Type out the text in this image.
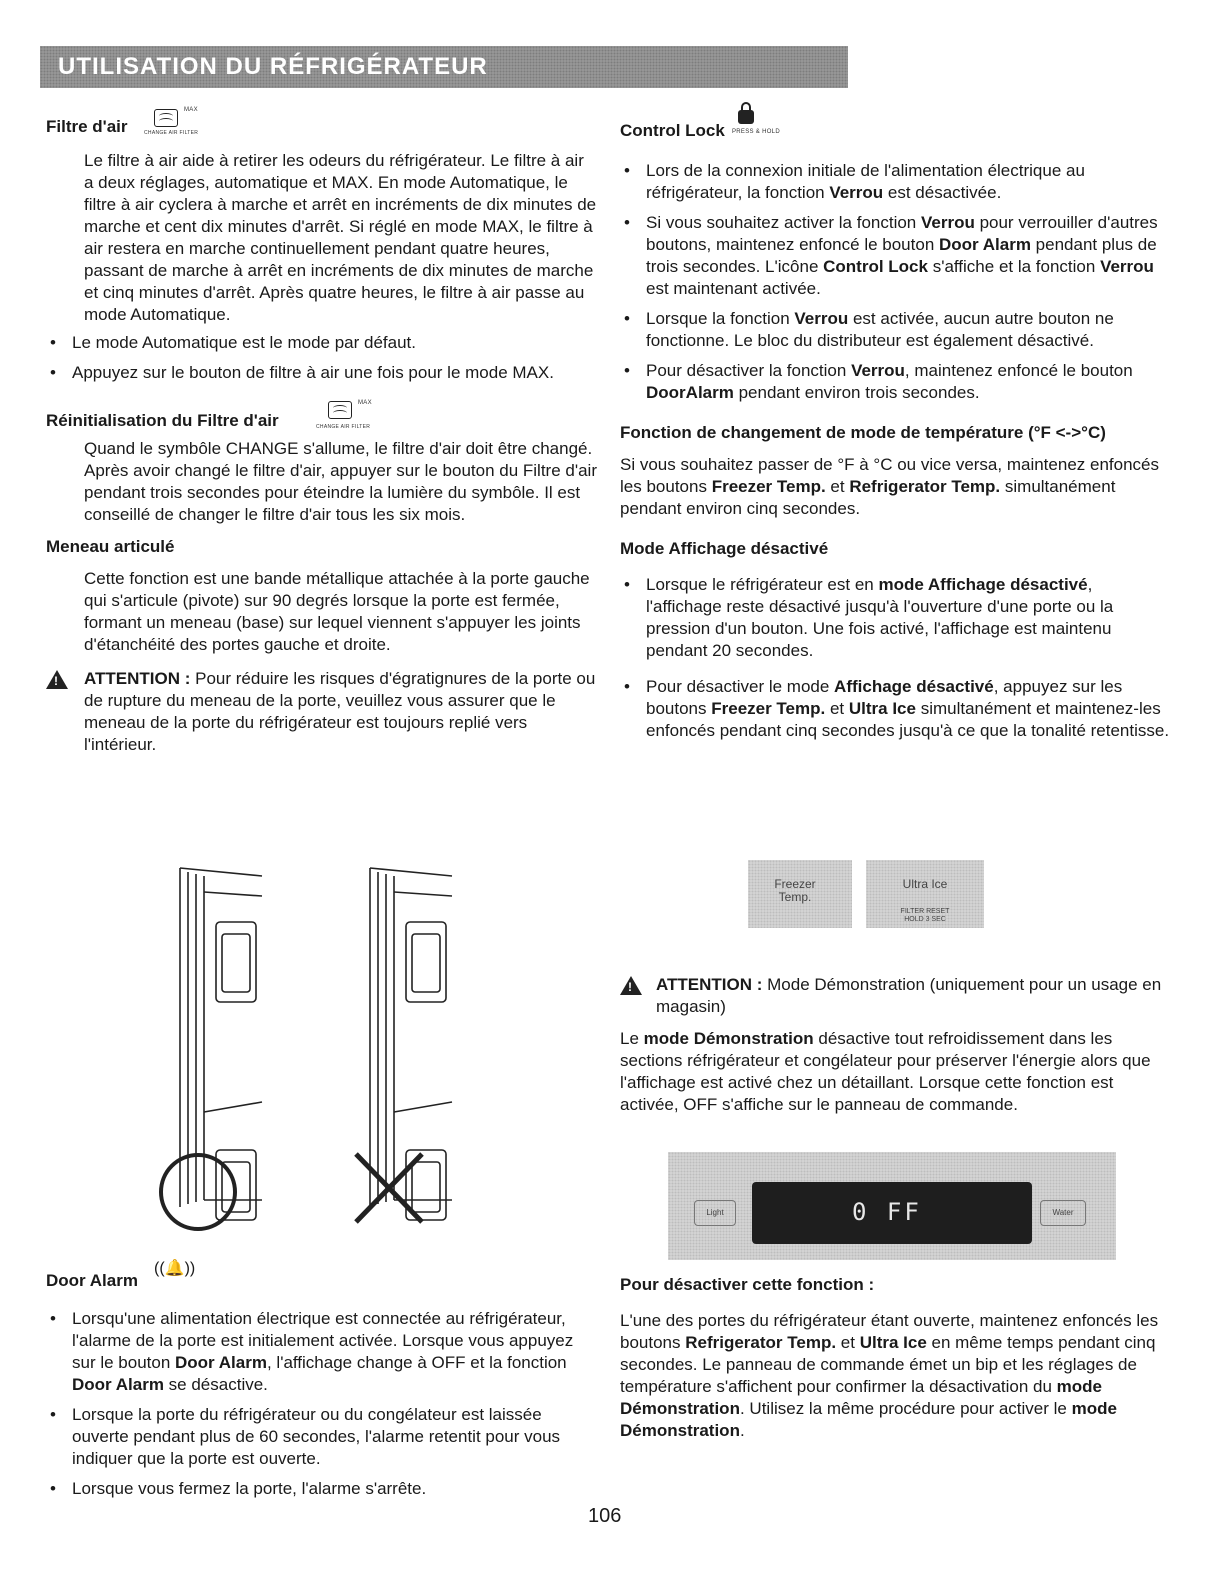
UTILISATION DU RÉFRIGÉRATEUR
Filtre d'air
MAX
CHANGE AIR FILTER

Le filtre à air aide à retirer les odeurs du réfrigérateur. Le filtre à air a deux réglages, automatique et MAX. En mode Automatique, le filtre à air cyclera à marche et arrêt en incréments de dix minutes de marche et cent dix minutes d'arrêt. Si réglé en mode MAX, le filtre à air restera en marche continuellement pendant quatre heures, passant de marche à arrêt en incréments de dix minutes de marche et cinq minutes d'arrêt. Après quatre heures, le filtre à air passe au mode Automatique.

• Le mode Automatique est le mode par défaut.
• Appuyez sur le bouton de filtre à air une fois pour le mode MAX.
Réinitialisation du Filtre d'air
MAX
CHANGE AIR FILTER

Quand le symbôle CHANGE s'allume, le filtre d'air doit être changé. Après avoir changé le filtre d'air, appuyer sur le bouton du Filtre d'air pendant trois secondes pour éteindre la lumière du symbôle. Il est conseillé de changer le filtre d'air tous les six mois.

Meneau articulé

Cette fonction est une bande métallique attachée à la porte gauche qui s'articule (pivote) sur 90 degrés lorsque la porte est fermée, formant un meneau (base) sur lequel viennent s'appuyer les joints d'étanchéité des portes gauche et droite.

!

ATTENTION : Pour réduire les risques d'égratignures de la porte ou de rupture du meneau de la porte, veuillez vous assurer que le meneau de la porte du réfrigérateur est toujours replié vers l'intérieur.

Door Alarm
((🔔))
• Lorsqu'une alimentation électrique est connectée au réfrigérateur, l'alarme de la porte est initialement activée. Lorsque vous appuyez sur le bouton Door Alarm, l'affichage change à OFF et la fonction Door Alarm se désactive.
• Lorsque la porte du réfrigérateur ou du congélateur est laissée ouverte pendant plus de 60 secondes, l'alarme retentit pour vous indiquer que la porte est ouverte.
• Lorsque vous fermez la porte, l'alarme s'arrête.
Control Lock PRESS & HOLD
• Lors de la connexion initiale de l'alimentation électrique au réfrigérateur, la fonction Verrou est désactivée.
• Si vous souhaitez activer la fonction Verrou pour verrouiller d'autres boutons, maintenez enfoncé le bouton Door Alarm pendant plus de trois secondes. L'icône Control Lock s'affiche et la fonction Verrou est maintenant activée.
• Lorsque la fonction Verrou est activée, aucun autre bouton ne fonctionne. Le bloc du distributeur est également désactivé.
• Pour désactiver la fonction Verrou, maintenez enfoncé le bouton DoorAlarm pendant environ trois secondes.

Fonction de changement de mode de température (°F <->°C)

Si vous souhaitez passer de °F à °C ou vice versa, maintenez enfoncés les boutons Freezer Temp. et Refrigerator Temp. simultanément pendant environ cinq secondes.

Mode Affichage désactivé

• Lorsque le réfrigérateur est en mode Affichage désactivé, l'affichage reste désactivé jusqu'à l'ouverture d'une porte ou la pression d'un bouton. Une fois activé, l'affichage est maintenu pendant 20 secondes.
• Pour désactiver le mode Affichage désactivé, appuyez sur les boutons Freezer Temp. et Ultra Ice simultanément et maintenez-les enfoncés pendant cinq secondes jusqu'à ce que la tonalité retentisse.
Freezer Temp.
Ultra Ice
FILTER RESET HOLD 3 SEC
!

ATTENTION : Mode Démonstration (uniquement pour un usage en magasin)

Le mode Démonstration désactive tout refroidissement dans les sections réfrigérateur et congélateur pour préserver l'énergie alors que l'affichage est activé chez un détaillant. Lorsque cette fonction est activée, OFF s'affiche sur le panneau de commande.

Light	0 FF	Water

Pour désactiver cette fonction :

L'une des portes du réfrigérateur étant ouverte, maintenez enfoncés les boutons Refrigerator Temp. et Ultra Ice en même temps pendant cinq secondes. Le panneau de commande émet un bip et les réglages de température s'affichent pour confirmer la désactivation du mode Démonstration. Utilisez la même procédure pour activer le mode Démonstration.

106
